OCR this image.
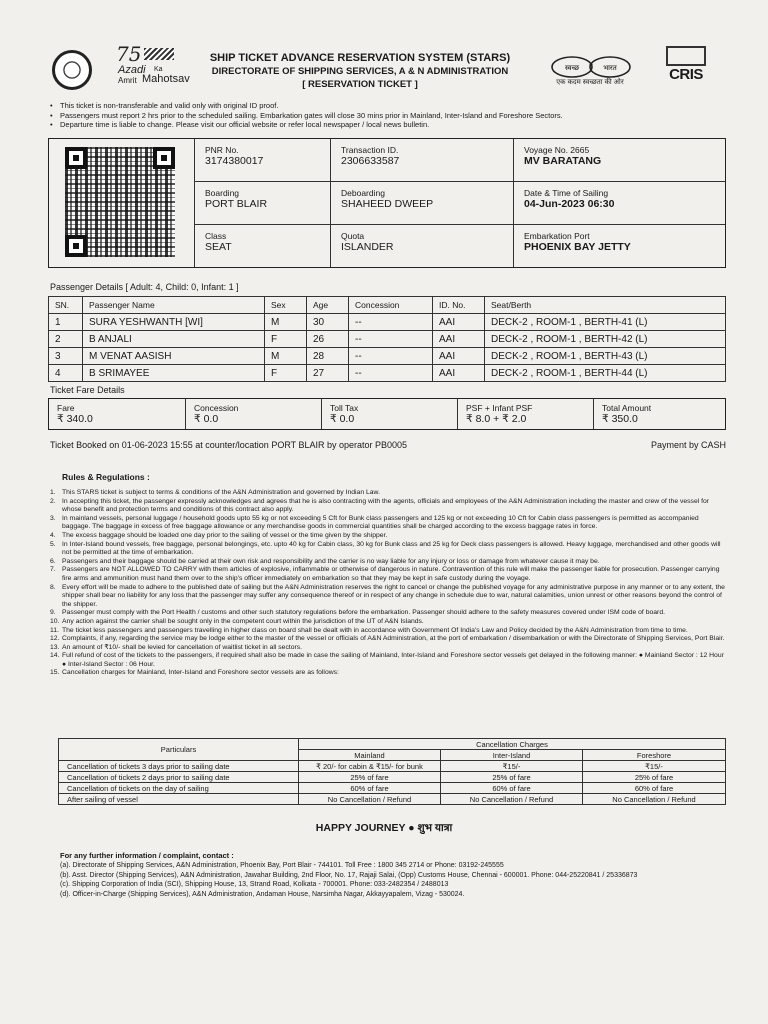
75
Azadi Ka
Amrit Mahotsav
SHIP TICKET ADVANCE RESERVATION SYSTEM (STARS)
DIRECTORATE OF SHIPPING SERVICES, A & N ADMINISTRATION
[ RESERVATION TICKET ]
स्वच्छ	भारत
एक कदम स्वच्छता की ओर	CRIS
• This ticket is non-transferable and valid only with original ID proof.
• Passengers must report 2 hrs prior to the scheduled sailing. Embarkation gates will close 30 mins prior in Mainland, Inter-Island and Foreshore Sectors.
• Departure time is liable to change. Please visit our official website or refer local newspaper / local news bulletin.
PNR No.
3174380017
Transaction ID.
2306633587
Voyage No. 2665
MV BARATANG
Boarding
PORT BLAIR
Deboarding
SHAHEED DWEEP
Date & Time of Sailing
04-Jun-2023 06:30
Class
SEAT
Quota
ISLANDER
Embarkation Port
PHOENIX BAY JETTY
Passenger Details [ Adult: 4, Child: 0, Infant: 1 ]
SN.	Passenger Name	Sex	Age	Concession	ID. No.	Seat/Berth
1	SURA YESHWANTH [WI]	M	30	--	AAI	DECK-2 , ROOM-1 , BERTH-41 (L)
2	B ANJALI	F	26	--	AAI	DECK-2 , ROOM-1 , BERTH-42 (L)
3	M VENAT AASISH	M	28	--	AAI	DECK-2 , ROOM-1 , BERTH-43 (L)
4	B SRIMAYEE	F	27	--	AAI	DECK-2 , ROOM-1 , BERTH-44 (L)
Ticket Fare Details
Fare
₹ 340.0
Concession
₹ 0.0
Toll Tax
₹ 0.0
PSF + Infant PSF
₹ 8.0 + ₹ 2.0
Total Amount
₹ 350.0
Ticket Booked on 01-06-2023 15:55 at counter/location PORT BLAIR by operator PB0005	Payment by CASH
Rules & Regulations :
1. This STARS ticket is subject to terms & conditions of the A&N Administration and governed by Indian Law.
2. In accepting this ticket, the passenger expressly acknowledges and agrees that he is also contracting with the agents, officials and employees of the A&N Administration including the master and crew of the vessel for whose benefit and protection terms and conditions of this contract also apply.
3. In mainland vessels, personal luggage / household goods upto 55 kg or not exceeding 5 Cft for Bunk class passengers and 125 kg or not exceeding 10 Cft for Cabin class passengers is permitted as accompanied baggage. The baggage in excess of free baggage allowance or any merchandise goods in commercial quantities shall be charged according to the excess baggage rates in force.
4. The excess baggage should be loaded one day prior to the sailing of vessel or the time given by the shipper.
5. In Inter-Island bound vessels, free baggage, personal belongings, etc. upto 40 kg for Cabin class, 30 kg for Bunk class and 25 kg for Deck class passengers is allowed. Heavy luggage, merchandised and other goods will not be permitted at the time of embarkation.
6. Passengers and their baggage should be carried at their own risk and responsibility and the carrier is no way liable for any injury or loss or damage from whatever cause it may be.
7. Passengers are NOT ALLOWED TO CARRY with them articles of explosive, inflammable or otherwise of dangerous in nature. Contravention of this rule will make the passenger liable for prosecution. Passenger carrying fire arms and ammunition must hand them over to the ship's officer immediately on embarkation so that they may be kept in safe custody during the voyage.
8. Every effort will be made to adhere to the published date of sailing but the A&N Administration reserves the right to cancel or change the published voyage for any administrative purpose in any manner or to any extent, the shipper shall bear no liability for any loss that the passenger may suffer any consequence thereof or in respect of any change in schedule due to war, natural calamities, union unrest or other reasons beyond the control of the shipper.
9. Passenger must comply with the Port Health / customs and other such statutory regulations before the embarkation. Passenger should adhere to the safety measures covered under ISM code of board.
10. Any action against the carrier shall be sought only in the competent court within the jurisdiction of the UT of A&N Islands.
11. The ticket less passengers and passengers travelling in higher class on board shall be dealt with in accordance with Government Of India's Law and Policy decided by the A&N Administration from time to time.
12. Complaints, if any, regarding the service may be lodge either to the master of the vessel or officials of A&N Administration, at the port of embarkation / disembarkation or with the Directorate of Shipping Services, Port Blair.
13. An amount of ₹10/- shall be levied for cancellation of waitlist ticket in all sectors.
14. Full refund of cost of the tickets to the passengers, if required shall also be made in case the sailing of Mainland, Inter-Island and Foreshore sector vessels get delayed in the following manner: ● Mainland Sector : 12 Hour ● Inter-Island Sector : 06 Hour.
15. Cancellation charges for Mainland, Inter-Island and Foreshore sector vessels are as follows:
Particulars	Cancellation Charges		
	Mainland	Inter-Island	Foreshore
Cancellation of tickets 3 days prior to sailing date	₹ 20/- for cabin & ₹15/- for bunk	₹15/-	₹15/-
Cancellation of tickets 2 days prior to sailing date	25% of fare	25% of fare	25% of fare
Cancellation of tickets on the day of sailing	60% of fare	60% of fare	60% of fare
After sailing of vessel	No Cancellation / Refund	No Cancellation / Refund	No Cancellation / Refund
HAPPY JOURNEY ● शुभ यात्रा
For any further information / complaint, contact :
(a). Directorate of Shipping Services, A&N Administration, Phoenix Bay, Port Blair - 744101. Toll Free : 1800 345 2714 or Phone: 03192-245555
(b). Asst. Director (Shipping Services), A&N Administration, Jawahar Building, 2nd Floor, No. 17, Rajaji Salai, (Opp) Customs House, Chennai - 600001. Phone: 044-25220841 / 25336873
(c). Shipping Corporation of India (SCI), Shipping House, 13, Strand Road, Kolkata - 700001. Phone: 033-2482354 / 2488013
(d). Officer-in-Charge (Shipping Services), A&N Administration, Andaman House, Narsimha Nagar, Akkayyapalem, Vizag - 530024.
